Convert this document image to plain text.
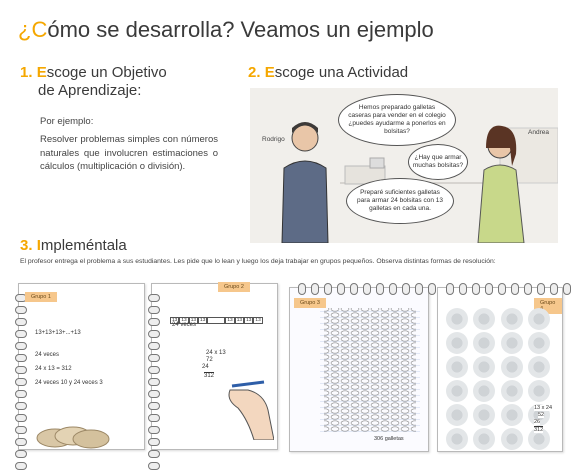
¿Cómo se desarrolla? Veamos un ejemplo
1. Escoge un Objetivo
de Aprendizaje:
Por ejemplo:
Resolver problemas simples con números naturales que involucren estimaciones o cálculos (multiplicación o división).
2. Escoge una Actividad
Rodrigo
Andrea
Hemos preparado galletas caseras para vender en el colegio ¿puedes ayudarme a ponerlos en bolsitas?
¿Hay que armar muchas bolsitas?
Preparé suficientes galletas para armar 24 bolsitas con 13 galletas en cada una.
3. Impleméntala
El profesor entrega el problema a sus estudiantes. Les pide que lo lean y luego los deja trabajar en grupos pequeños. Observa distintas formas de resolución:
Grupo 1
13+13+13+...+13
24 veces
24 x 13 = 312
24 veces 10 y 24 veces 3
Grupo 2
13 13 13 13	13 13 13 13
24 veces
24 x 13
72
24
312
Grupo 3
306 galletas
Grupo
13 x 24
52
26
312
